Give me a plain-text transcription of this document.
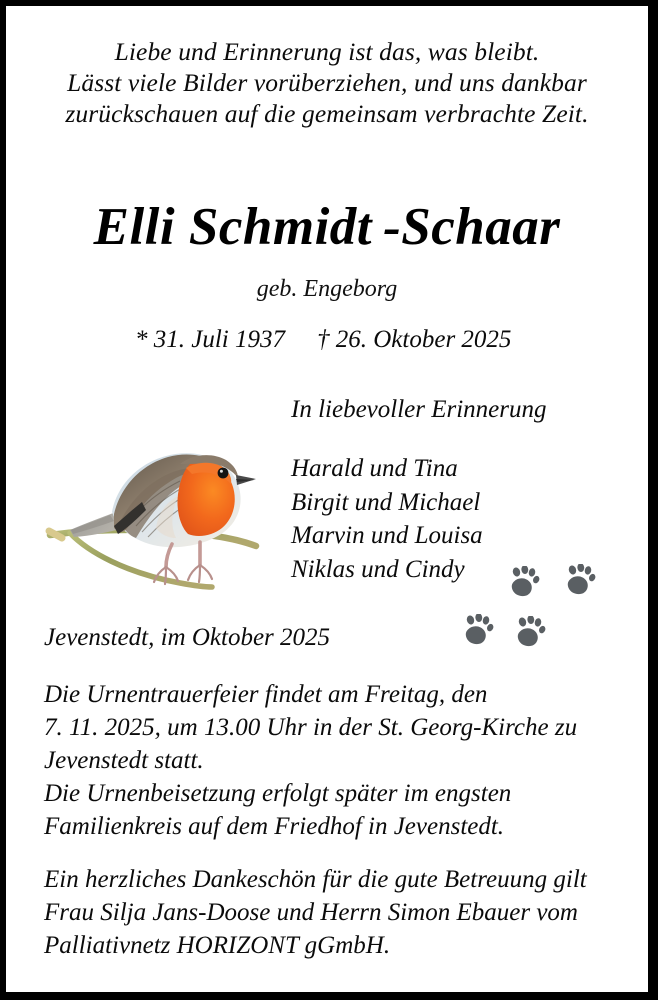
Liebe und Erinnerung ist das, was bleibt.
Lässt viele Bilder vorüberziehen, und uns dankbar
zurückschauen auf die gemeinsam verbrachte Zeit.
Elli Schmidt -Schaar
geb. Engeborg
* 31. Juli 1937 † 26. Oktober 2025
In liebevoller Erinnerung
Harald und Tina
Birgit und Michael
Marvin und Louisa
Niklas und Cindy
Jevenstedt, im Oktober 2025
Die Urnentrauerfeier findet am Freitag, den
7. 11. 2025, um 13.00 Uhr in der St. Georg-Kirche zu
Jevenstedt statt.
Die Urnenbeisetzung erfolgt später im engsten
Familienkreis auf dem Friedhof in Jevenstedt.
Ein herzliches Dankeschön für die gute Betreuung gilt
Frau Silja Jans-Doose und Herrn Simon Ebauer vom
Palliativnetz HORIZONT gGmbH.
